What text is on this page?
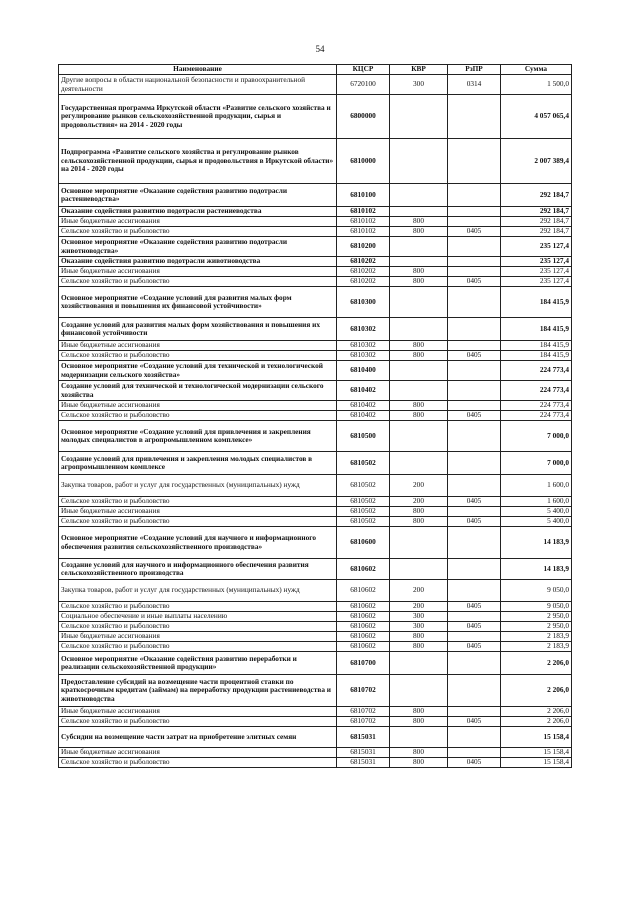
54
Наименование	КЦСР	КВР	РзПР	Сумма
Другие вопросы в области национальной безопасности и правоохранительной деятельности	6720100	300	0314	1 500,0
Государственная программа Иркутской области «Развитие сельского хозяйства и регулирование рынков сельскохозяйственной продукции, сырья и продовольствия» на 2014 - 2020 годы	6800000			4 057 065,4
Подпрограмма «Развитие сельского хозяйства и регулирование рынков сельскохозяйственной продукции, сырья и продовольствия в Иркутской области» на 2014 - 2020 годы	6810000			2 007 389,4
Основное мероприятие «Оказание содействия развитию подотрасли растениеводства»	6810100			292 184,7
Оказание содействия развитию подотрасли растениеводства	6810102			292 184,7
Иные бюджетные ассигнования	6810102	800		292 184,7
Сельское хозяйство и рыболовство	6810102	800	0405	292 184,7
Основное мероприятие «Оказание содействия развитию подотрасли животноводства»	6810200			235 127,4
Оказание содействия развитию подотрасли животноводства	6810202			235 127,4
Иные бюджетные ассигнования	6810202	800		235 127,4
Сельское хозяйство и рыболовство	6810202	800	0405	235 127,4
Основное мероприятие «Создание условий для развития малых форм хозяйствования и повышения их финансовой устойчивости»	6810300			184 415,9
Создание условий для развития малых форм хозяйствования и повышения их финансовой устойчивости	6810302			184 415,9
Иные бюджетные ассигнования	6810302	800		184 415,9
Сельское хозяйство и рыболовство	6810302	800	0405	184 415,9
Основное мероприятие «Создание условий для технической и технологической модернизации сельского хозяйства»	6810400			224 773,4
Создание условий для технической и технологической модернизации сельского хозяйства	6810402			224 773,4
Иные бюджетные ассигнования	6810402	800		224 773,4
Сельское хозяйство и рыболовство	6810402	800	0405	224 773,4
Основное мероприятие «Создание условий для привлечения и закрепления молодых специалистов в агропромышленном комплексе»	6810500			7 000,0
Создание условий для привлечения и закрепления молодых специалистов в агропромышленном комплексе	6810502			7 000,0
Закупка товаров, работ и услуг для государственных (муниципальных) нужд	6810502	200		1 600,0
Сельское хозяйство и рыболовство	6810502	200	0405	1 600,0
Иные бюджетные ассигнования	6810502	800		5 400,0
Сельское хозяйство и рыболовство	6810502	800	0405	5 400,0
Основное мероприятие «Создание условий для научного и информационного обеспечения развития сельскохозяйственного производства»	6810600			14 183,9
Создание условий для научного и информационного обеспечения развития сельскохозяйственного производства	6810602			14 183,9
Закупка товаров, работ и услуг для государственных (муниципальных) нужд	6810602	200		9 050,0
Сельское хозяйство и рыболовство	6810602	200	0405	9 050,0
Социальное обеспечение и иные выплаты населению	6810602	300		2 950,0
Сельское хозяйство и рыболовство	6810602	300	0405	2 950,0
Иные бюджетные ассигнования	6810602	800		2 183,9
Сельское хозяйство и рыболовство	6810602	800	0405	2 183,9
Основное мероприятие «Оказание содействия развитию переработки и реализации сельскохозяйственной продукции»	6810700			2 206,0
Предоставление субсидий на возмещение части процентной ставки по краткосрочным кредитам (займам) на переработку продукции растениеводства и животноводства	6810702			2 206,0
Иные бюджетные ассигнования	6810702	800		2 206,0
Сельское хозяйство и рыболовство	6810702	800	0405	2 206,0
Субсидии на возмещение части затрат на приобретение элитных семян	6815031			15 158,4
Иные бюджетные ассигнования	6815031	800		15 158,4
Сельское хозяйство и рыболовство	6815031	800	0405	15 158,4
